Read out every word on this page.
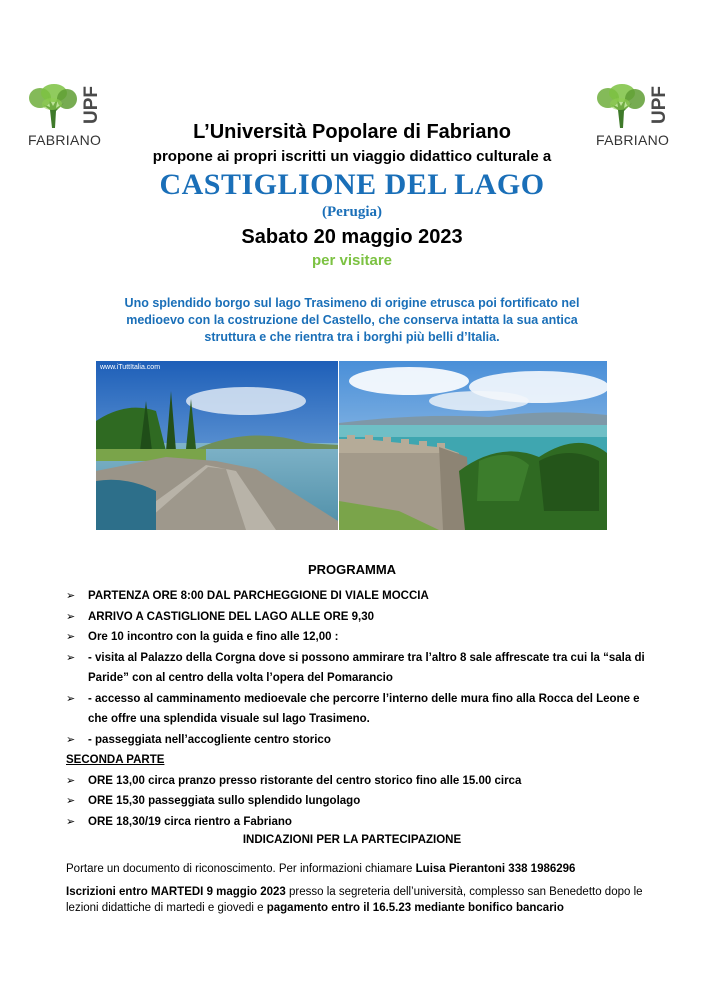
UPF
FABRIANO
UPF
FABRIANO
L’Università Popolare di Fabriano
propone ai propri iscritti un viaggio didattico culturale a
CASTIGLIONE DEL LAGO
(Perugia)
Sabato 20 maggio 2023
per visitare
Uno splendido borgo sul lago Trasimeno di origine etrusca poi fortificato nel medioevo con la costruzione del Castello, che conserva intatta la sua antica struttura e che rientra tra i borghi più belli d’Italia.
www.iTuttItalia.com
PROGRAMMA
➢ PARTENZA ORE 8:00 DAL PARCHEGGIONE DI VIALE MOCCIA
➢ ARRIVO A CASTIGLIONE DEL LAGO ALLE ORE 9,30
➢ Ore 10 incontro con la guida e fino alle 12,00 :
➢ - visita al Palazzo della Corgna dove si possono ammirare tra l’altro 8 sale affrescate tra cui la “sala di Paride” con al centro della volta l’opera del Pomarancio
➢ - accesso al camminamento medioevale che percorre l’interno delle mura fino alla Rocca del Leone e che offre una splendida visuale sul lago Trasimeno.
➢ - passeggiata nell’accogliente centro storico
SECONDA PARTE
➢ ORE 13,00 circa pranzo presso ristorante del centro storico fino alle 15.00 circa
➢ ORE 15,30 passeggiata sullo splendido lungolago
➢ ORE 18,30/19 circa rientro a Fabriano
INDICAZIONI PER LA PARTECIPAZIONE
Portare un documento di riconoscimento. Per informazioni chiamare Luisa Pierantoni 338 1986296
Iscrizioni entro MARTEDI 9 maggio 2023 presso la segreteria dell’università, complesso san Benedetto dopo le lezioni didattiche di martedi e giovedi e pagamento entro il 16.5.23 mediante bonifico bancario
